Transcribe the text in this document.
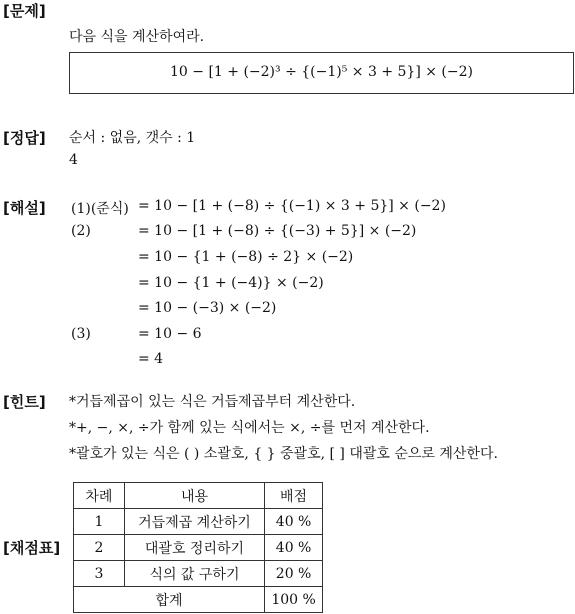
[문제]
다음 식을 계산하여라.
10 − [1 + (−2)³ ÷ {(−1)⁵ × 3 + 5}] × (−2)
[정답] 순서 : 없음, 갯수 : 1
4
[해설] (1)(준식) = 10 − [1 + (−8) ÷ {(−1) × 3 + 5}] × (−2)
(2)	= 10 − [1 + (−8) ÷ {(−3) + 5}] × (−2)
= 10 − {1 + (−8) ÷ 2} × (−2)
= 10 − {1 + (−4)} × (−2)
= 10 − (−3) × (−2)
(3)	= 10 − 6
= 4
[힌트] *거듭제곱이 있는 식은 거듭제곱부터 계산한다.
*+, −, ×, ÷가 함께 있는 식에서는 ×, ÷를 먼저 계산한다.
*괄호가 있는 식은 ( ) 소괄호, { } 중괄호, [ ] 대괄호 순으로 계산한다.
[채점표]
차례	내용	배점
1	거듭제곱 계산하기	40 %
2	대괄호 정리하기	40 %
3	식의 값 구하기	20 %
합계		100 %
